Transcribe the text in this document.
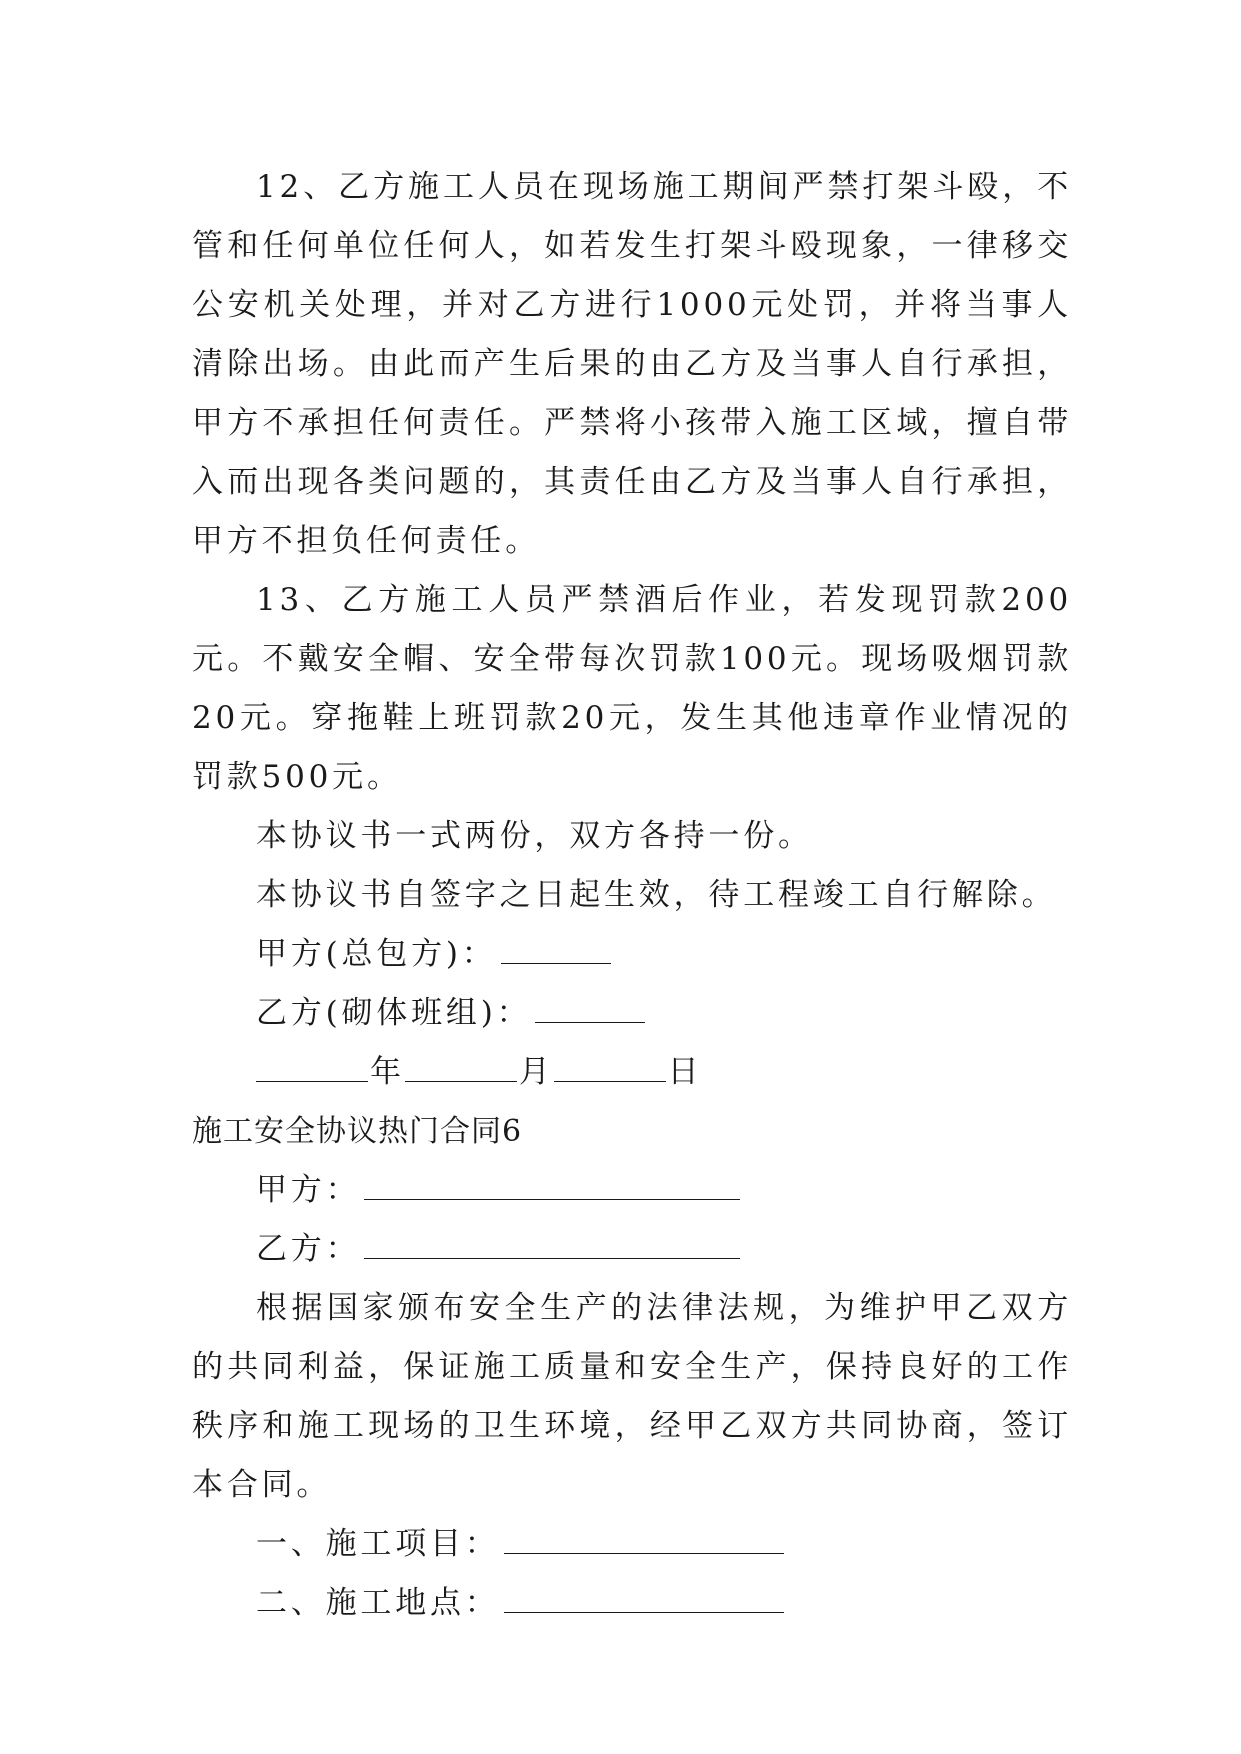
12、乙方施工人员在现场施工期间严禁打架斗殴，不管和任何单位任何人，如若发生打架斗殴现象，一律移交公安机关处理，并对乙方进行1000元处罚，并将当事人清除出场。由此而产生后果的由乙方及当事人自行承担，甲方不承担任何责任。严禁将小孩带入施工区域，擅自带入而出现各类问题的，其责任由乙方及当事人自行承担，甲方不担负任何责任。

13、乙方施工人员严禁酒后作业，若发现罚款200元。不戴安全帽、安全带每次罚款100元。现场吸烟罚款20元。穿拖鞋上班罚款20元，发生其他违章作业情况的罚款500元。

本协议书一式两份，双方各持一份。

本协议书自签字之日起生效，待工程竣工自行解除。

甲方(总包方)：

乙方(砌体班组)：

年	月	日

施工安全协议热门合同6

甲方：

乙方：

根据国家颁布安全生产的法律法规，为维护甲乙双方的共同利益，保证施工质量和安全生产，保持良好的工作秩序和施工现场的卫生环境，经甲乙双方共同协商，签订本合同。

一、施工项目：

二、施工地点：
